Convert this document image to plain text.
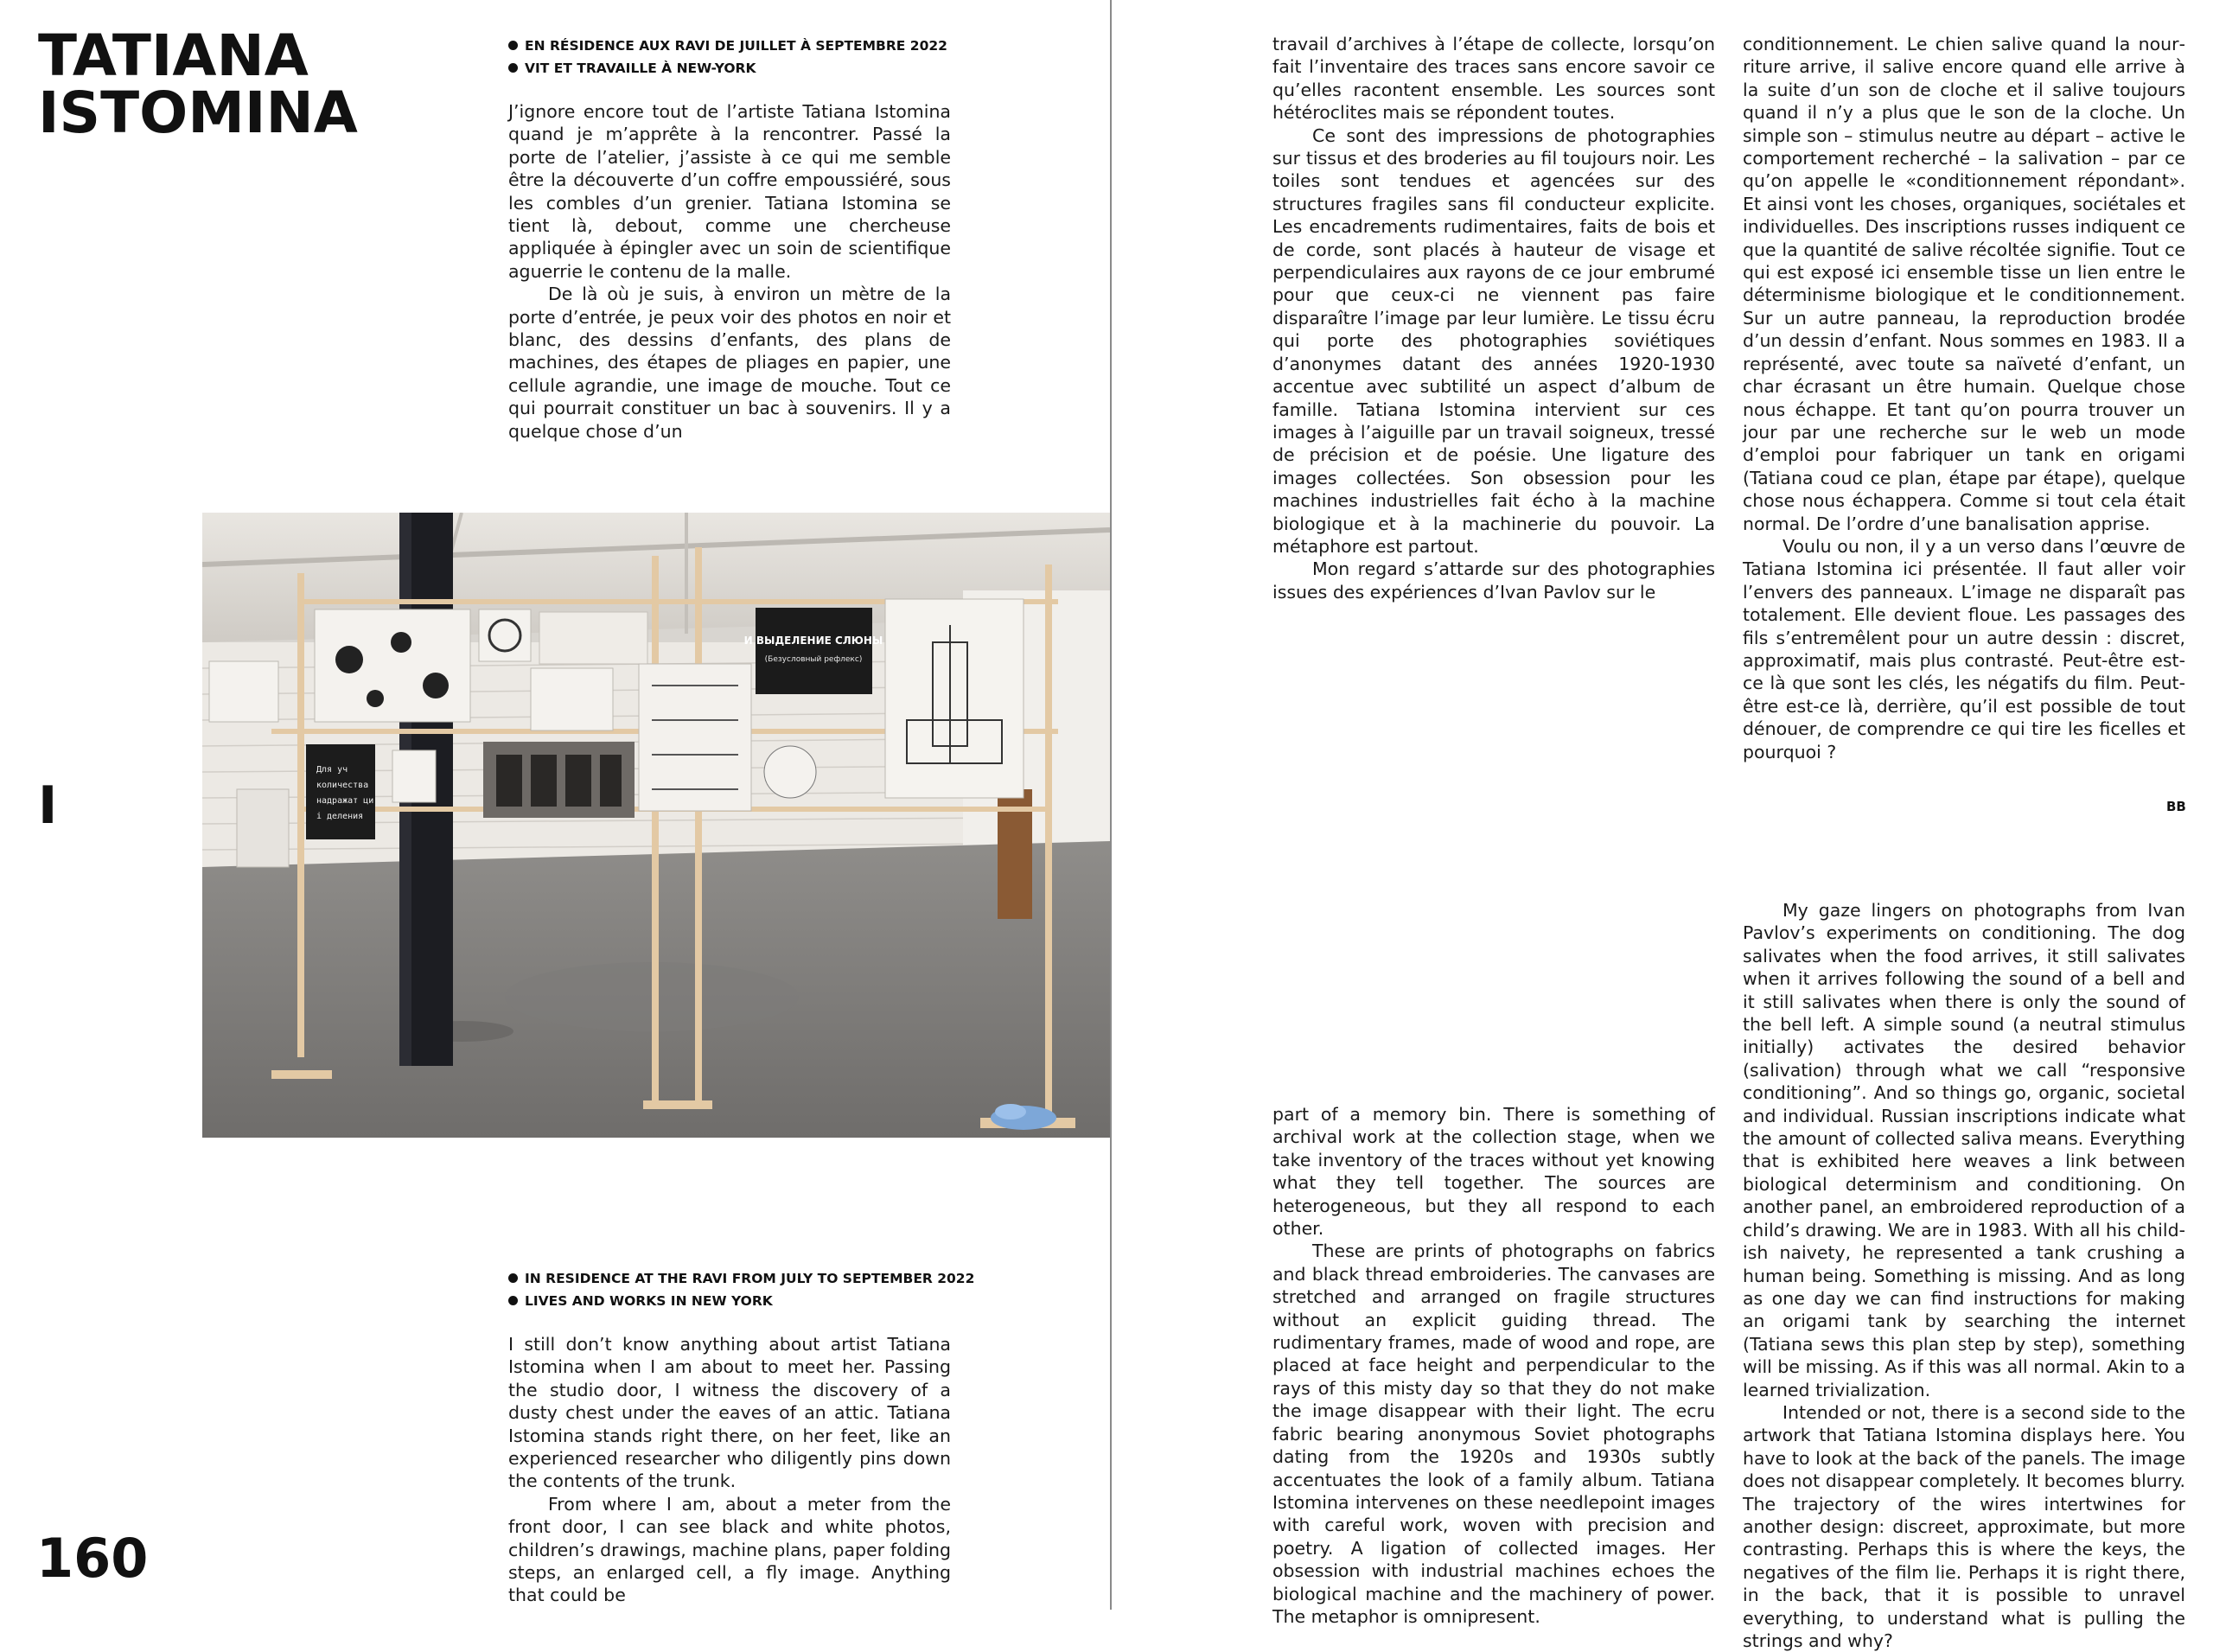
TATIANA
ISTOMINA
EN RÉSIDENCE AUX RAVI DE JUILLET À SEPTEMBRE 2022
VIT ET TRAVAILLE À NEW-YORK

J’ignore encore tout de l’artiste Tatiana Istomina quand je m’apprête à la rencontrer. Passé la porte de l’atelier, j’assiste à ce qui me semble être la découverte d’un coffre empoussiéré, sous les combles d’un grenier. Tatiana Istomina se tient là, debout, comme une chercheuse appliquée à épingler avec un soin de scientifique aguerrie le contenu de la malle.

De là où je suis, à environ un mètre de la porte d’entrée, je peux voir des photos en noir et blanc, des dessins d’enfants, des plans de machines, des étapes de pliages en papier, une cellule agrandie, une image de mouche. Tout ce qui pourrait constituer un bac à souvenirs. Il y a quelque chose d’un

I
И ВЫДЕЛЕНИЕ СЛЮНЫ
(Безусловный рефлекс)
Для уч
количества
надражат ци
і деления
IN RESIDENCE AT THE RAVI FROM JULY TO SEPTEMBER 2022
LIVES AND WORKS IN NEW YORK

I still don’t know anything about artist Tatiana Istomina when I am about to meet her. Passing the studio door, I witness the discovery of a dusty chest under the eaves of an attic. Tatiana Istomina stands right there, on her feet, like an experienced researcher who diligently pins down the contents of the trunk.

From where I am, about a meter from the front door, I can see black and white photos, children’s drawings, machine plans, paper folding steps, an enlarged cell, a fly image. Anything that could be

160

travail d’archives à l’étape de collecte, lorsqu’on fait l’inventaire des traces sans encore savoir ce qu’elles racontent ensemble. Les sources sont hétéroclites mais se répondent toutes.

Ce sont des impressions de photographies sur tissus et des broderies au fil toujours noir. Les toiles sont tendues et agencées sur des structures fragiles sans fil conducteur explicite. Les encadrements rudimentaires, faits de bois et de corde, sont placés à hauteur de visage et perpendiculaires aux rayons de ce jour embrumé pour que ceux-ci ne viennent pas faire disparaître l’image par leur lumière. Le tissu écru qui porte des photographies soviétiques d’anonymes datant des années 1920-1930 accentue avec subtilité un aspect d’album de famille. Tatiana Istomina intervient sur ces images à l’aiguille par un travail soigneux, tressé de précision et de poésie. Une ligature des images collectées. Son obsession pour les machines industrielles fait écho à la machine biologique et à la machinerie du pouvoir. La métaphore est partout.

Mon regard s’attarde sur des photographies issues des expériences d’Ivan Pavlov sur le

conditionnement. Le chien salive quand la nourriture arrive, il salive encore quand elle arrive à la suite d’un son de cloche et il salive toujours quand il n’y a plus que le son de la cloche. Un simple son – stimulus neutre au départ – active le comportement recherché – la salivation – par ce qu’on appelle le «conditionnement répondant». Et ainsi vont les choses, organiques, sociétales et individuelles. Des inscriptions russes indiquent ce que la quantité de salive récoltée signifie. Tout ce qui est exposé ici ensemble tisse un lien entre le déterminisme biologique et le conditionnement. Sur un autre panneau, la reproduction brodée d’un dessin d’enfant. Nous sommes en 1983. Il a représenté, avec toute sa naïveté d’enfant, un char écrasant un être humain. Quelque chose nous échappe. Et tant qu’on pourra trouver un jour par une recherche sur le web un mode d’emploi pour fabriquer un tank en origami (Tatiana coud ce plan, étape par étape), quelque chose nous échappera. Comme si tout cela était normal. De l’ordre d’une banalisation apprise.

Voulu ou non, il y a un verso dans l’œuvre de Tatiana Istomina ici présentée. Il faut aller voir l’envers des panneaux. L’image ne disparaît pas totalement. Elle devient floue. Les passages des fils s’entremêlent pour un autre dessin : discret, approximatif, mais plus contrasté. Peut-être est-ce là que sont les clés, les négatifs du film. Peut-être est-ce là, derrière, qu’il est possible de tout dénouer, de comprendre ce qui tire les ficelles et pourquoi ?

BB

part of a memory bin. There is something of archival work at the collection stage, when we take inventory of the traces without yet knowing what they tell together. The sources are heterogeneous, but they all respond to each other.

These are prints of photographs on fabrics and black thread embroideries. The canvases are stretched and arranged on fragile structures without an explicit guiding thread. The rudimentary frames, made of wood and rope, are placed at face height and perpendicular to the rays of this misty day so that they do not make the image disappear with their light. The ecru fabric bearing anonymous Soviet photographs dating from the 1920s and 1930s subtly accentuates the look of a family album. Tatiana Istomina intervenes on these needlepoint images with careful work, woven with precision and poetry. A ligation of collected images. Her obsession with industrial machines echoes the biological machine and the machinery of power. The metaphor is omnipresent.

My gaze lingers on photographs from Ivan Pavlov’s experiments on conditioning. The dog salivates when the food arrives, it still salivates when it arrives following the sound of a bell and it still salivates when there is only the sound of the bell left. A simple sound (a neutral stimulus initially) activates the desired behavior (salivation) through what we call “responsive conditioning”. And so things go, organic, societal and individual. Russian inscriptions indicate what the amount of collected saliva means. Everything that is exhibited here weaves a link between biological determinism and conditioning. On another panel, an embroidered reproduction of a child’s drawing. We are in 1983. With all his childish naivety, he represented a tank crushing a human being. Something is missing. And as long as one day we can find instructions for making an origami tank by searching the internet (Tatiana sews this plan step by step), something will be missing. As if this was all normal. Akin to a learned trivialization.

Intended or not, there is a second side to the artwork that Tatiana Istomina displays here. You have to look at the back of the panels. The image does not disappear completely. It becomes blurry. The trajectory of the wires intertwines for another design: discreet, approximate, but more contrasting. Perhaps this is where the keys, the negatives of the film lie. Perhaps it is right there, in the back, that it is possible to unravel everything, to understand what is pulling the strings and why?
